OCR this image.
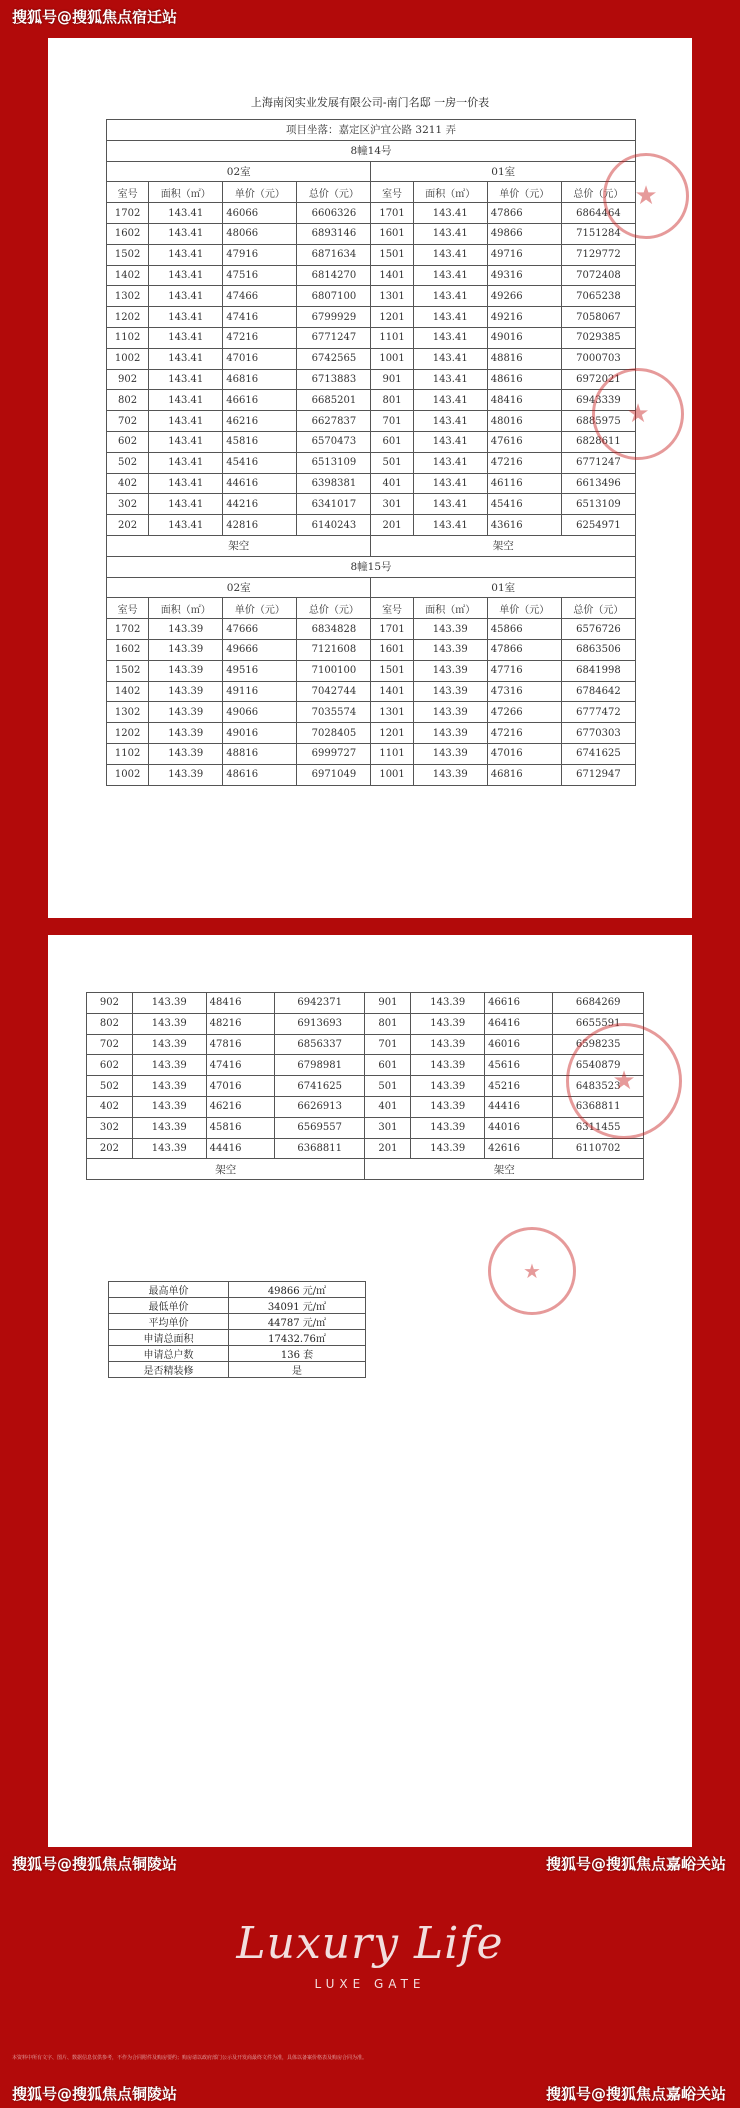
搜狐号@搜狐焦点宿迁站
上海南闵实业发展有限公司-南门名邸 一房一价表
项目坐落：嘉定区沪宜公路 3211 弄							
8幢14号							
02室				01室			
室号	面积（㎡）	单价（元）	总价（元）	室号	面积（㎡）	单价（元）	总价（元）
1702	143.41	46066	6606326	1701	143.41	47866	6864464
1602	143.41	48066	6893146	1601	143.41	49866	7151284
1502	143.41	47916	6871634	1501	143.41	49716	7129772
1402	143.41	47516	6814270	1401	143.41	49316	7072408
1302	143.41	47466	6807100	1301	143.41	49266	7065238
1202	143.41	47416	6799929	1201	143.41	49216	7058067
1102	143.41	47216	6771247	1101	143.41	49016	7029385
1002	143.41	47016	6742565	1001	143.41	48816	7000703
902	143.41	46816	6713883	901	143.41	48616	6972021
802	143.41	46616	6685201	801	143.41	48416	6943339
702	143.41	46216	6627837	701	143.41	48016	6885975
602	143.41	45816	6570473	601	143.41	47616	6828611
502	143.41	45416	6513109	501	143.41	47216	6771247
402	143.41	44616	6398381	401	143.41	46116	6613496
302	143.41	44216	6341017	301	143.41	45416	6513109
202	143.41	42816	6140243	201	143.41	43616	6254971
架空				架空			
8幢15号							
02室				01室			
室号	面积（㎡）	单价（元）	总价（元）	室号	面积（㎡）	单价（元）	总价（元）
1702	143.39	47666	6834828	1701	143.39	45866	6576726
1602	143.39	49666	7121608	1601	143.39	47866	6863506
1502	143.39	49516	7100100	1501	143.39	47716	6841998
1402	143.39	49116	7042744	1401	143.39	47316	6784642
1302	143.39	49066	7035574	1301	143.39	47266	6777472
1202	143.39	49016	7028405	1201	143.39	47216	6770303
1102	143.39	48816	6999727	1101	143.39	47016	6741625
1002	143.39	48616	6971049	1001	143.39	46816	6712947
★
★
902	143.39	48416	6942371	901	143.39	46616	6684269
802	143.39	48216	6913693	801	143.39	46416	6655591
702	143.39	47816	6856337	701	143.39	46016	6598235
602	143.39	47416	6798981	601	143.39	45616	6540879
502	143.39	47016	6741625	501	143.39	45216	6483523
402	143.39	46216	6626913	401	143.39	44416	6368811
302	143.39	45816	6569557	301	143.39	44016	6311455
202	143.39	44416	6368811	201	143.39	42616	6110702
架空				架空			
最高单价	49866 元/㎡
最低单价	34091 元/㎡
平均单价	44787 元/㎡
申请总面积	17432.76㎡
申请总户数	136 套
是否精装修	是
★
★
搜狐号@搜狐焦点铜陵站	搜狐号@搜狐焦点嘉峪关站
Luxury Life
LUXE GATE
本资料中所有文字、图片、数据信息仅供参考，不作为合同附件及购房要约；购房请以政府部门公示及开发商最终文件为准，具体以备案价格表及购房合同为准。
搜狐号@搜狐焦点铜陵站	搜狐号@搜狐焦点嘉峪关站
